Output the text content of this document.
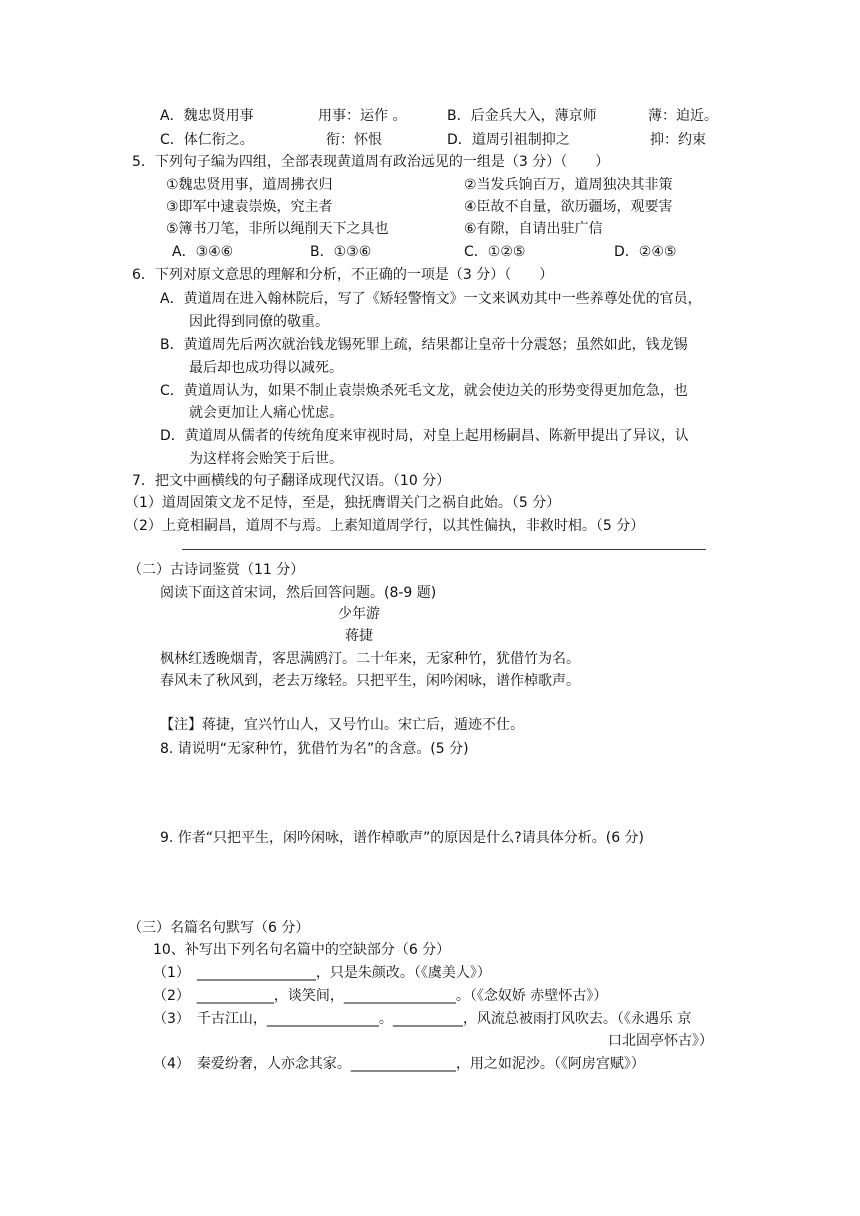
A．魏忠贤用事	用事：运作 。	B．后金兵大入，薄京师	薄：迫近。
C．体仁衔之。	衔：怀恨	D．道周引祖制抑之	抑：约束
5．下列句子编为四组，全部表现黄道周有政治远见的一组是（3 分）（　　）
①魏忠贤用事，道周拂衣归	②当发兵饷百万，道周独决其非策
③即军中逮袁崇焕，究主者	④臣故不自量，欲历疆场，观要害
⑤簿书刀笔，非所以绳削天下之具也	⑥有隙，自请出驻广信
A．③④⑥	B．①③⑥	C．①②⑤	D．②④⑤
6．下列对原文意思的理解和分析，不正确的一项是（3 分）（　　）
A．黄道周在进入翰林院后，写了《矫轻警惰文》一文来讽劝其中一些养尊处优的官员，
因此得到同僚的敬重。
B．黄道周先后两次就治钱龙锡死罪上疏，结果都让皇帝十分震怒；虽然如此，钱龙锡
最后却也成功得以减死。
C．黄道周认为，如果不制止袁崇焕杀死毛文龙，就会使边关的形势变得更加危急，也
就会更加让人痛心忧虑。
D．黄道周从儒者的传统角度来审视时局，对皇上起用杨嗣昌、陈新甲提出了异议，认
为这样将会贻笑于后世。
7．把文中画横线的句子翻译成现代汉语。（10 分）
（1）道周固策文龙不足恃，至是，独抚膺谓关门之祸自此始。（5 分）
（2）上竟相嗣昌，道周不与焉。上素知道周学行，以其性偏执，非救时相。（5 分）
（二）古诗词鉴赏（11 分）
阅读下面这首宋词，然后回答问题。(8-9 题)
少年游
蒋捷
枫林红透晚烟青，客思满鸥汀。二十年来，无家种竹，犹借竹为名。
春风未了秋风到，老去万缘轻。只把平生，闲吟闲咏，谱作棹歌声。
【注】蒋捷，宜兴竹山人，又号竹山。宋亡后，遁迹不仕。
8. 请说明“无家种竹，犹借竹为名”的含意。(5 分)
9. 作者“只把平生，闲吟闲咏，谱作棹歌声”的原因是什么?请具体分析。(6 分)
（三）名篇名句默写（6 分）
10、补写出下列名句名篇中的空缺部分（6 分）
（1）　_________________，只是朱颜改。（《虞美人》）
（2）　___________，谈笑间，________________。（《念奴娇 赤壁怀古》）
（3）　千古江山，________________。__________，风流总被雨打风吹去。（《永遇乐 京
口北固亭怀古》）
（4）　秦爱纷奢，人亦念其家。_______________，用之如泥沙。（《阿房宫赋》）
